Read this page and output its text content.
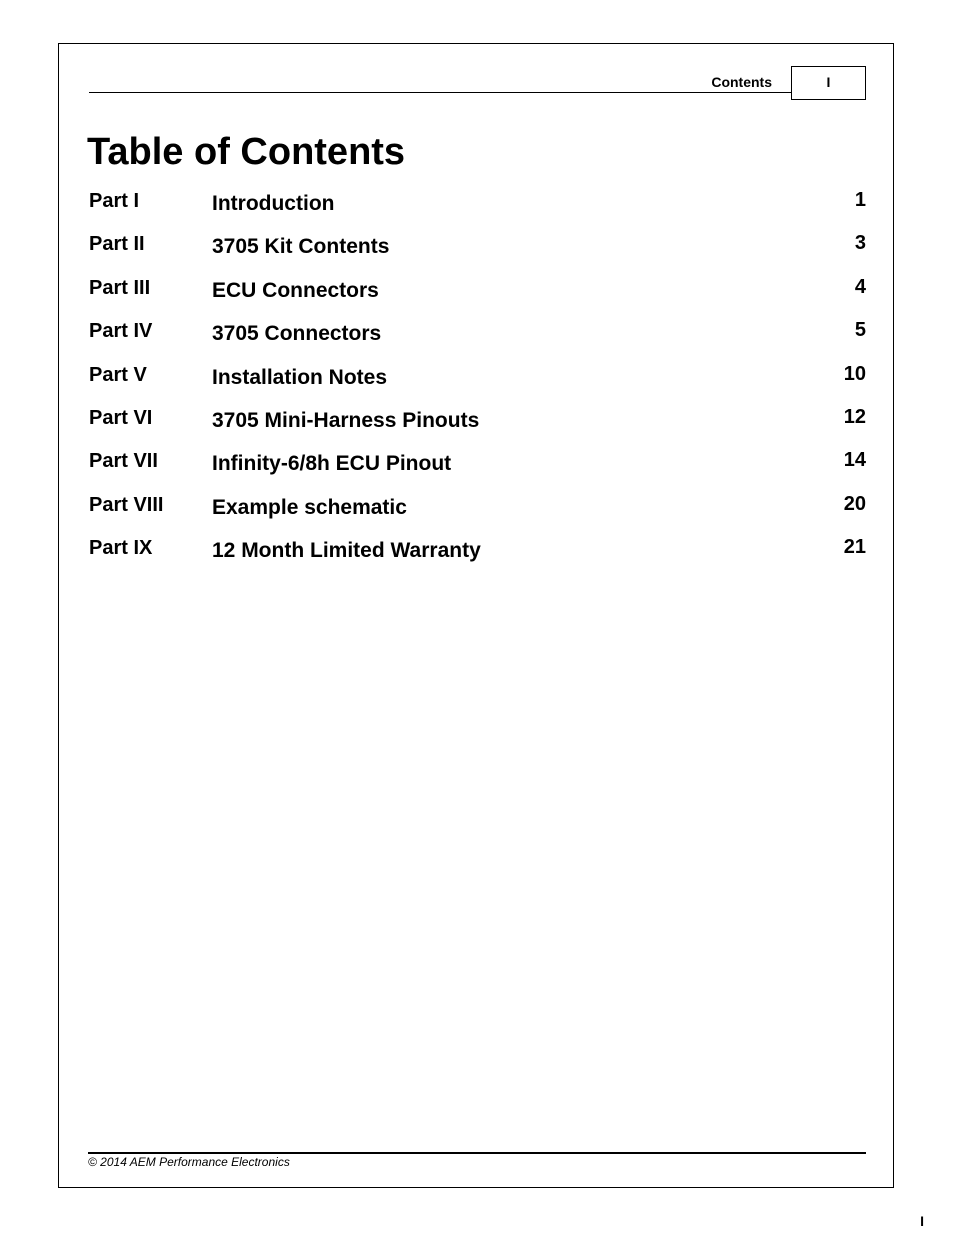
Contents	I
Table of Contents
Part I	Introduction	1
Part II	3705 Kit Contents	3
Part III	ECU Connectors	4
Part IV	3705 Connectors	5
Part V	Installation Notes	10
Part VI	3705 Mini-Harness Pinouts	12
Part VII	Infinity-6/8h ECU Pinout	14
Part VIII Example schematic	20
Part IX	12 Month Limited Warranty	21
© 2014 AEM Performance Electronics
I
